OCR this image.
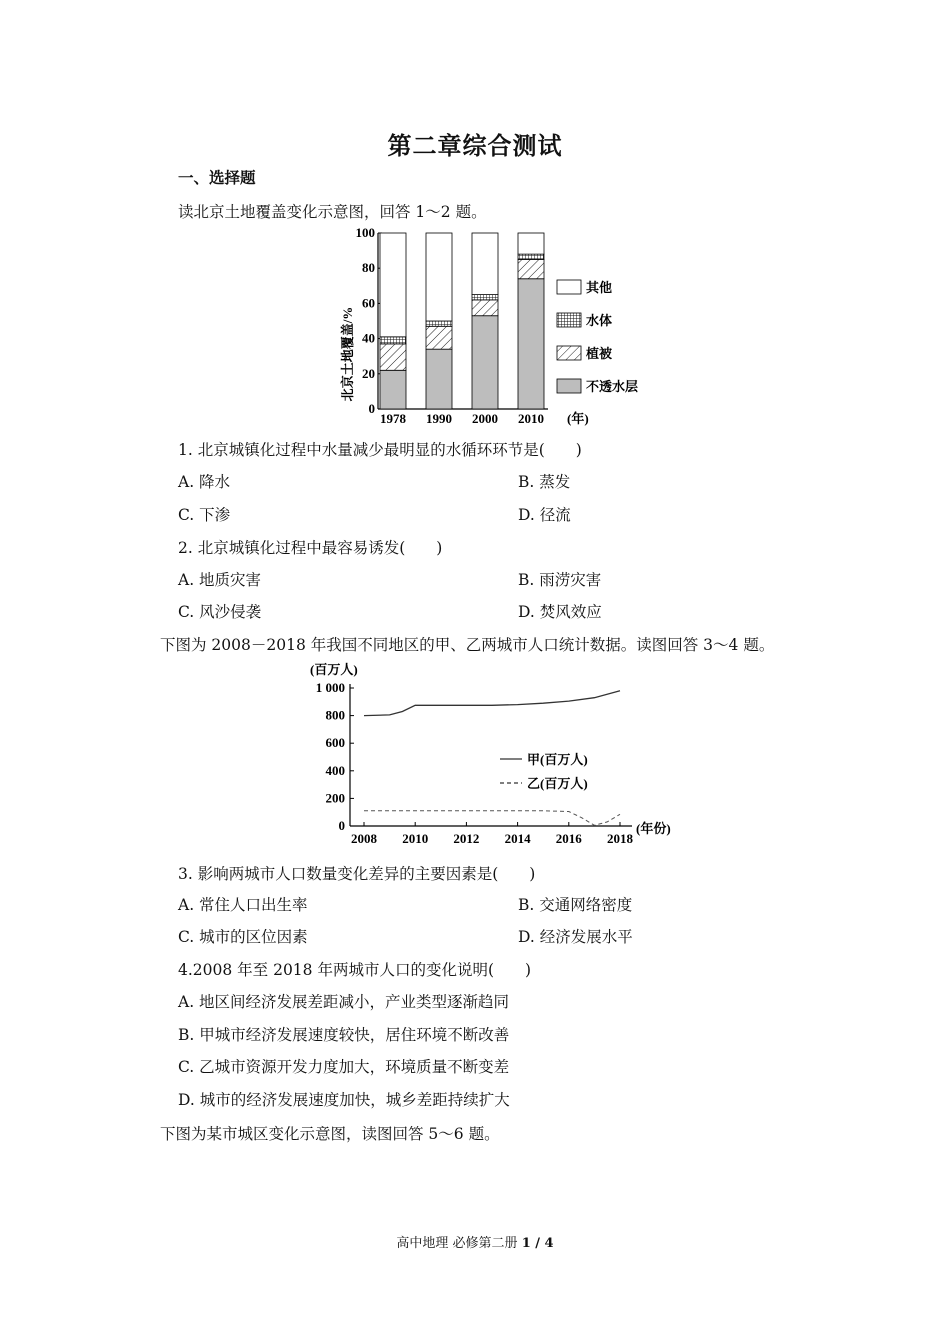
第二章综合测试
一、选择题
读北京土地覆盖变化示意图，回答 1～2 题。
北京土地覆盖/%
0
20
40
60
80
100
1978 1990 2000 2010
其他
水体
植被
不透水层
(年)
1. 北京城镇化过程中水量减少最明显的水循环环节是(　　)
A. 降水	B. 蒸发
C. 下渗	D. 径流
2. 北京城镇化过程中最容易诱发(　　)
A. 地质灾害	B. 雨涝灾害
C. 风沙侵袭	D. 焚风效应
下图为 2008－2018 年我国不同地区的甲、乙两城市人口统计数据。读图回答 3～4 题。
(百万人)
0
200
400
600
800
1 000
2008 2010 2012 2014 2016 2018
甲(百万人)
乙(百万人)
(年份)
3. 影响两城市人口数量变化差异的主要因素是(　　)
A. 常住人口出生率	B. 交通网络密度
C. 城市的区位因素	D. 经济发展水平
4.2008 年至 2018 年两城市人口的变化说明(　　)
A. 地区间经济发展差距减小，产业类型逐渐趋同
B. 甲城市经济发展速度较快，居住环境不断改善
C. 乙城市资源开发力度加大，环境质量不断变差
D. 城市的经济发展速度加快，城乡差距持续扩大
下图为某市城区变化示意图，读图回答 5～6 题。
高中地理 必修第二册 1 / 4
